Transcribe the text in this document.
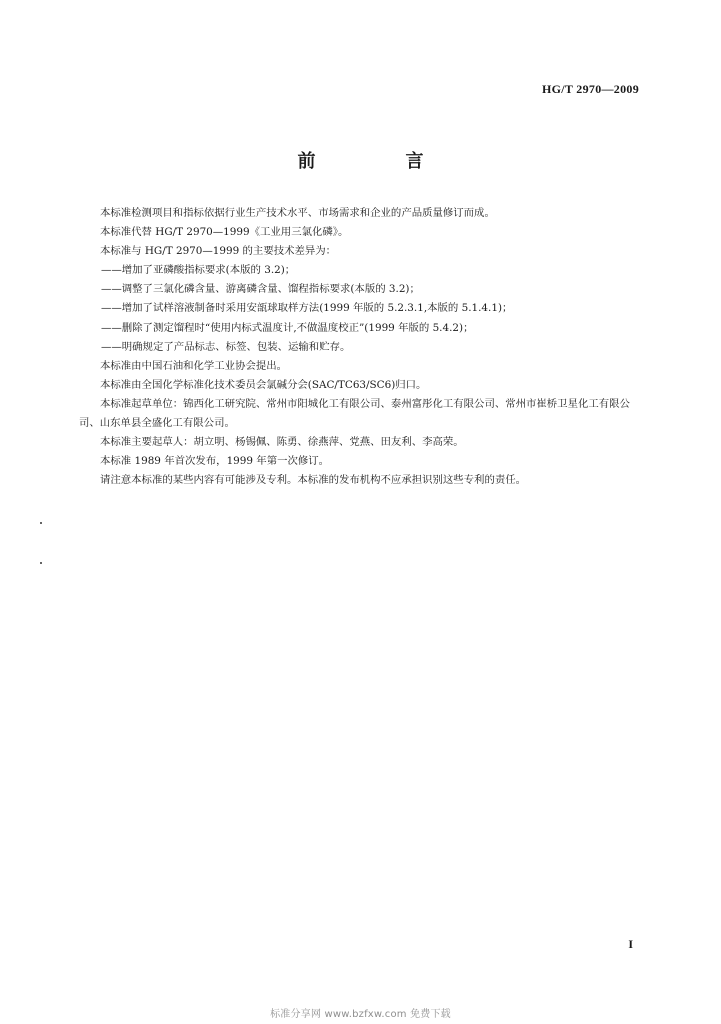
HG/T 2970—2009
前　言

本标准检测项目和指标依据行业生产技术水平、市场需求和企业的产品质量修订而成。

本标准代替 HG/T 2970—1999《工业用三氯化磷》。

本标准与 HG/T 2970—1999 的主要技术差异为：

——增加了亚磷酸指标要求(本版的 3.2)；

——调整了三氯化磷含量、游离磷含量、馏程指标要求(本版的 3.2)；

——增加了试样溶液制备时采用安瓿球取样方法(1999 年版的 5.2.3.1,本版的 5.1.4.1)；

——删除了测定馏程时“使用内标式温度计,不做温度校正”(1999 年版的 5.4.2)；

——明确规定了产品标志、标签、包装、运输和贮存。

本标准由中国石油和化学工业协会提出。

本标准由全国化学标准化技术委员会氯碱分会(SAC/TC63/SC6)归口。

本标准起草单位：锦西化工研究院、常州市阳城化工有限公司、泰州富彤化工有限公司、常州市崔桥卫星化工有限公司、山东单县全盛化工有限公司。

本标准主要起草人：胡立明、杨锡佩、陈勇、徐燕萍、党燕、田友利、李高荣。

本标准 1989 年首次发布，1999 年第一次修订。

请注意本标准的某些内容有可能涉及专利。本标准的发布机构不应承担识别这些专利的责任。

I
标准分享网 www.bzfxw.com 免费下载
